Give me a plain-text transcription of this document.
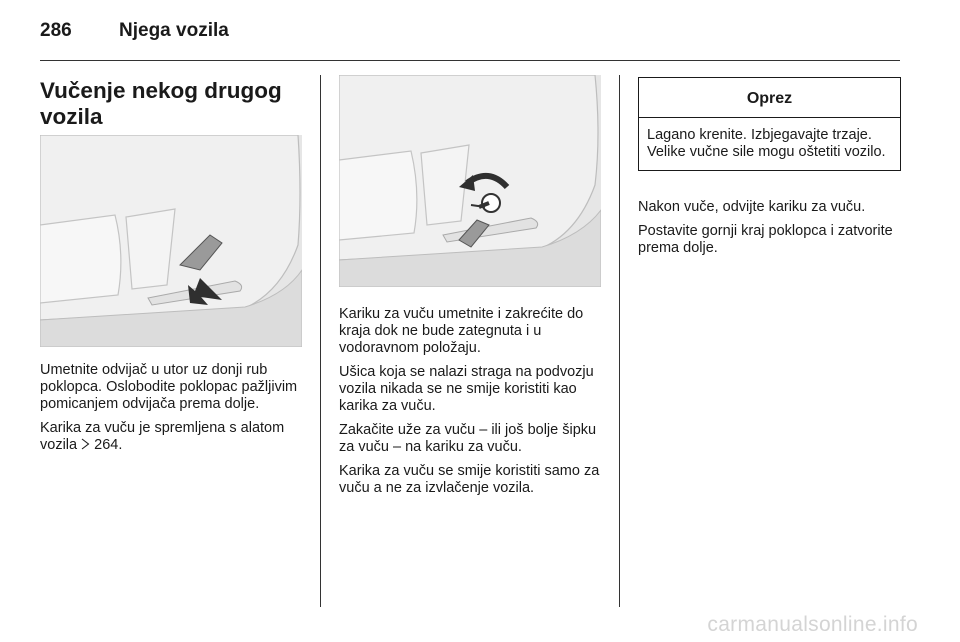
286 Njega vozila
Vučenje nekog drugog vozila

Umetnite odvijač u utor uz donji rub poklopca. Oslobodite poklopac pažljivim pomicanjem odvijača prema dolje.

Karika za vuču je spremljena s alatom vozila 264.

Kariku za vuču umetnite i zakrećite do kraja dok ne bude zategnuta i u vodoravnom položaju.

Ušica koja se nalazi straga na podvozju vozila nikada se ne smije koristiti kao karika za vuču.

Zakačite uže za vuču – ili još bolje šipku za vuču – na kariku za vuču.

Karika za vuču se smije koristiti samo za vuču a ne za izvlačenje vozila.

Oprez
Lagano krenite. Izbjegavajte trzaje. Velike vučne sile mogu oštetiti vozilo.

Nakon vuče, odvijte kariku za vuču.

Postavite gornji kraj poklopca i zatvorite prema dolje.

carmanualsonline.info
